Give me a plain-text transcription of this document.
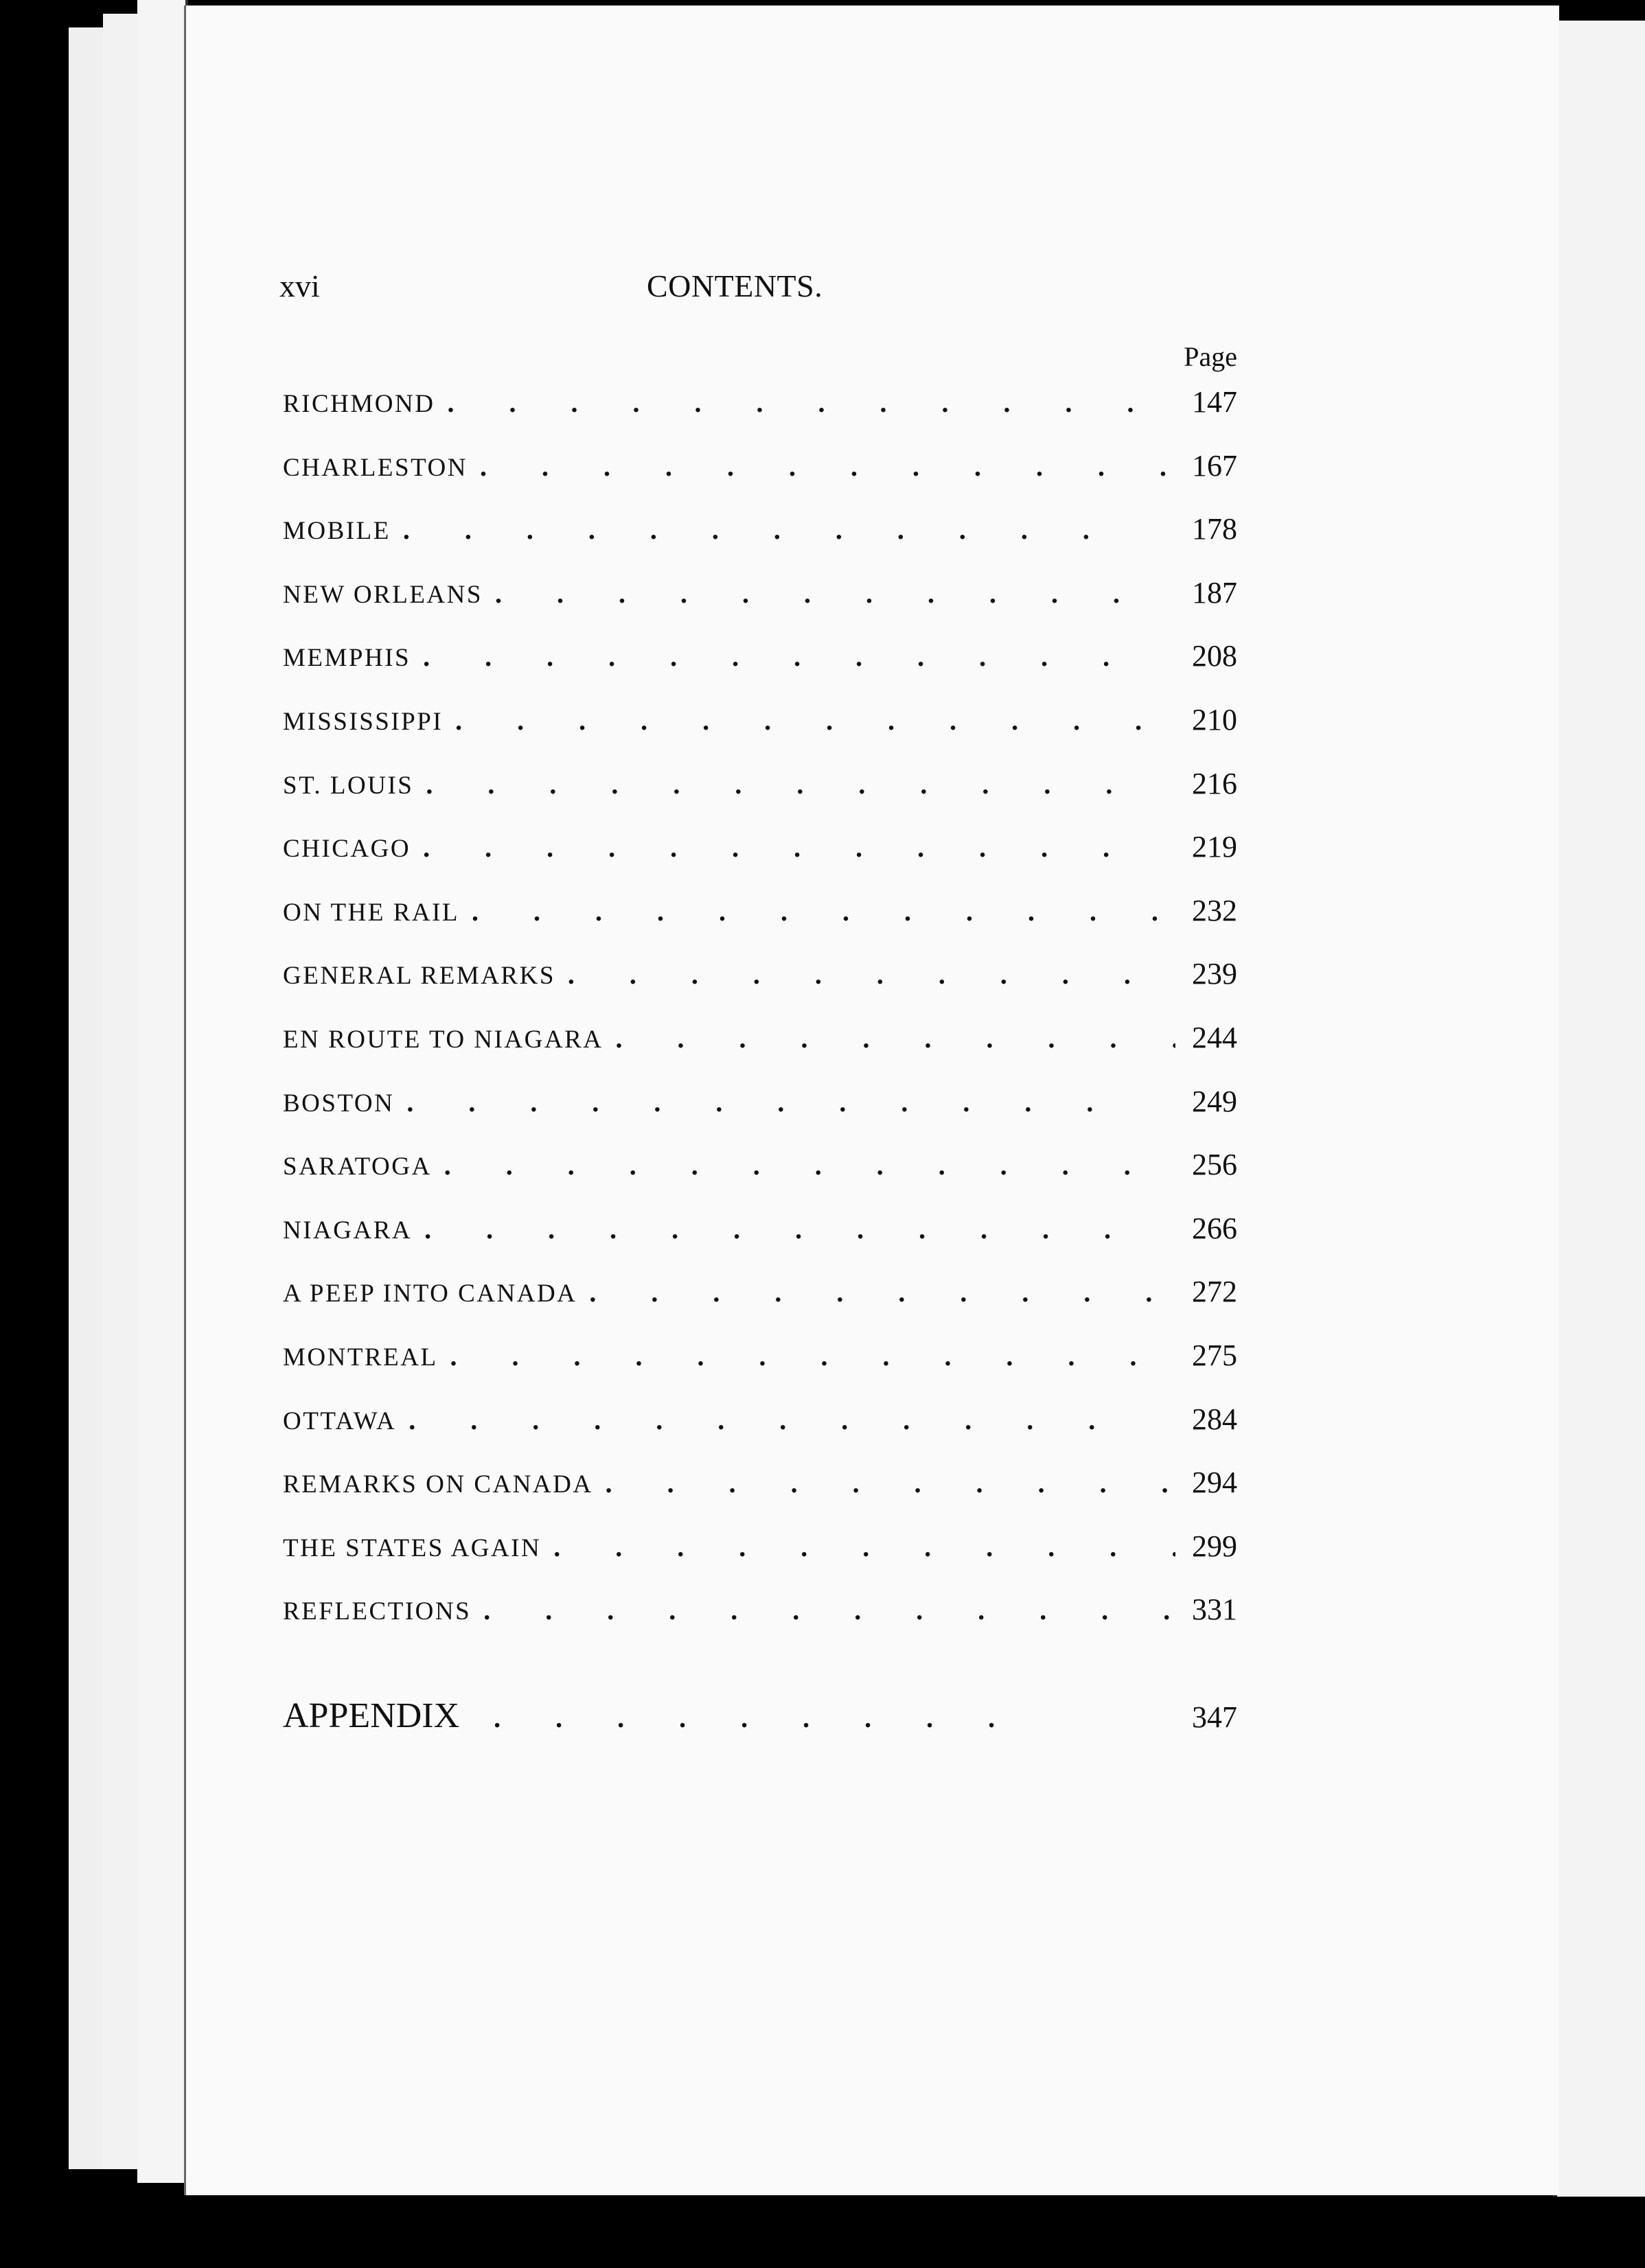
xvi	CONTENTS.
Page
RICHMOND .	147
CHARLESTON .	167
MOBILE .	178
NEW ORLEANS .	187
MEMPHIS .	208
MISSISSIPPI .	210
ST. LOUIS .	216
CHICAGO .	219
ON THE RAIL .	232
GENERAL REMARKS .	239
EN ROUTE TO NIAGARA .	244
BOSTON .	249
SARATOGA .	256
NIAGARA .	266
A PEEP INTO CANADA .	272
MONTREAL .	275
OTTAWA .	284
REMARKS ON CANADA .	294
THE STATES AGAIN .	299
REFLECTIONS .	331
APPENDIX .	347
